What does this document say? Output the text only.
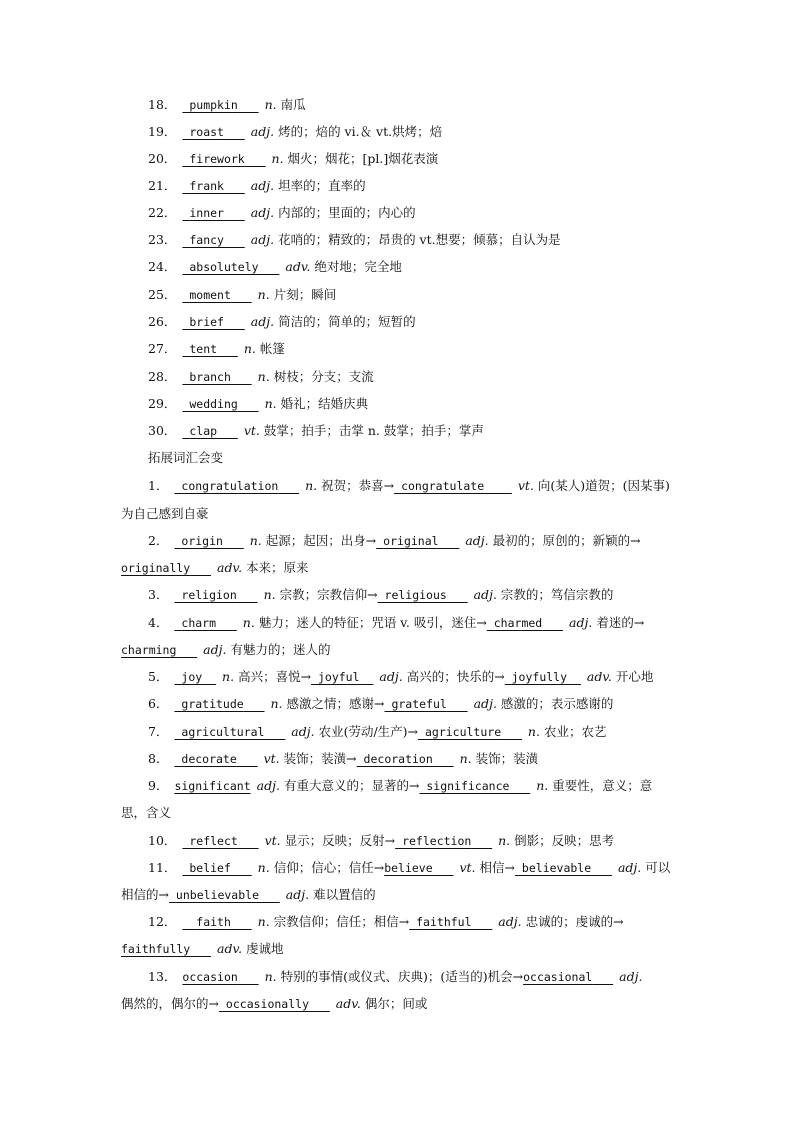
18． pumpkin n. 南瓜
19． roast adj. 烤的；焙的 vi.＆ vt.烘烤；焙
20． firework n. 烟火；烟花；[pl.]烟花表演
21． frank adj. 坦率的；直率的
22． inner adj. 内部的；里面的；内心的
23． fancy adj. 花哨的；精致的；昂贵的 vt.想要；倾慕；自认为是
24． absolutely adv. 绝对地；完全地
25． moment n. 片刻；瞬间
26． brief adj. 简洁的；简单的；短暂的
27． tent n. 帐篷
28． branch n. 树枝；分支；支流
29． wedding n. 婚礼；结婚庆典
30． clap vt. 鼓掌；拍手；击掌 n. 鼓掌；拍手；掌声
拓展词汇会变
1． congratulation n. 祝贺；恭喜→ congratulate	vt. 向(某人)道贺；(因某事)
为自己感到自豪
2． origin n. 起源；起因；出身→ original adj. 最初的；原创的；新颖的→
originally adv. 本来；原来
3． religion n. 宗教；宗教信仰→ religious adj. 宗教的；笃信宗教的
4． charm n. 魅力；迷人的特征；咒语 v. 吸引，迷住→ charmed adj. 着迷的→
charming adj. 有魅力的；迷人的
5． joy n. 高兴；喜悦→ joyful adj. 高兴的；快乐的→ joyfully adv. 开心地
6． gratitude n. 感激之情；感谢→ grateful adj. 感激的；表示感谢的
7． agricultural adj. 农业(劳动/生产)→ agriculture n. 农业；农艺
8． decorate vt. 装饰；装潢→ decoration n. 装饰；装潢
9． significant adj. 有重大意义的；显著的→ significance n. 重要性，意义；意
思，含义
10． reflect vt. 显示；反映；反射→ reflection n. 倒影；反映；思考
11． belief n. 信仰；信心；信任→believe vt. 相信→ believable adj. 可以
相信的→ unbelievable adj. 难以置信的
12． faith n. 宗教信仰；信任；相信→ faithful adj. 忠诚的；虔诚的→
faithfully adv. 虔诚地
13． occasion n. 特别的事情(或仪式、庆典)；(适当的)机会→occasional adj.
偶然的，偶尔的→ occasionally adv. 偶尔；间或
